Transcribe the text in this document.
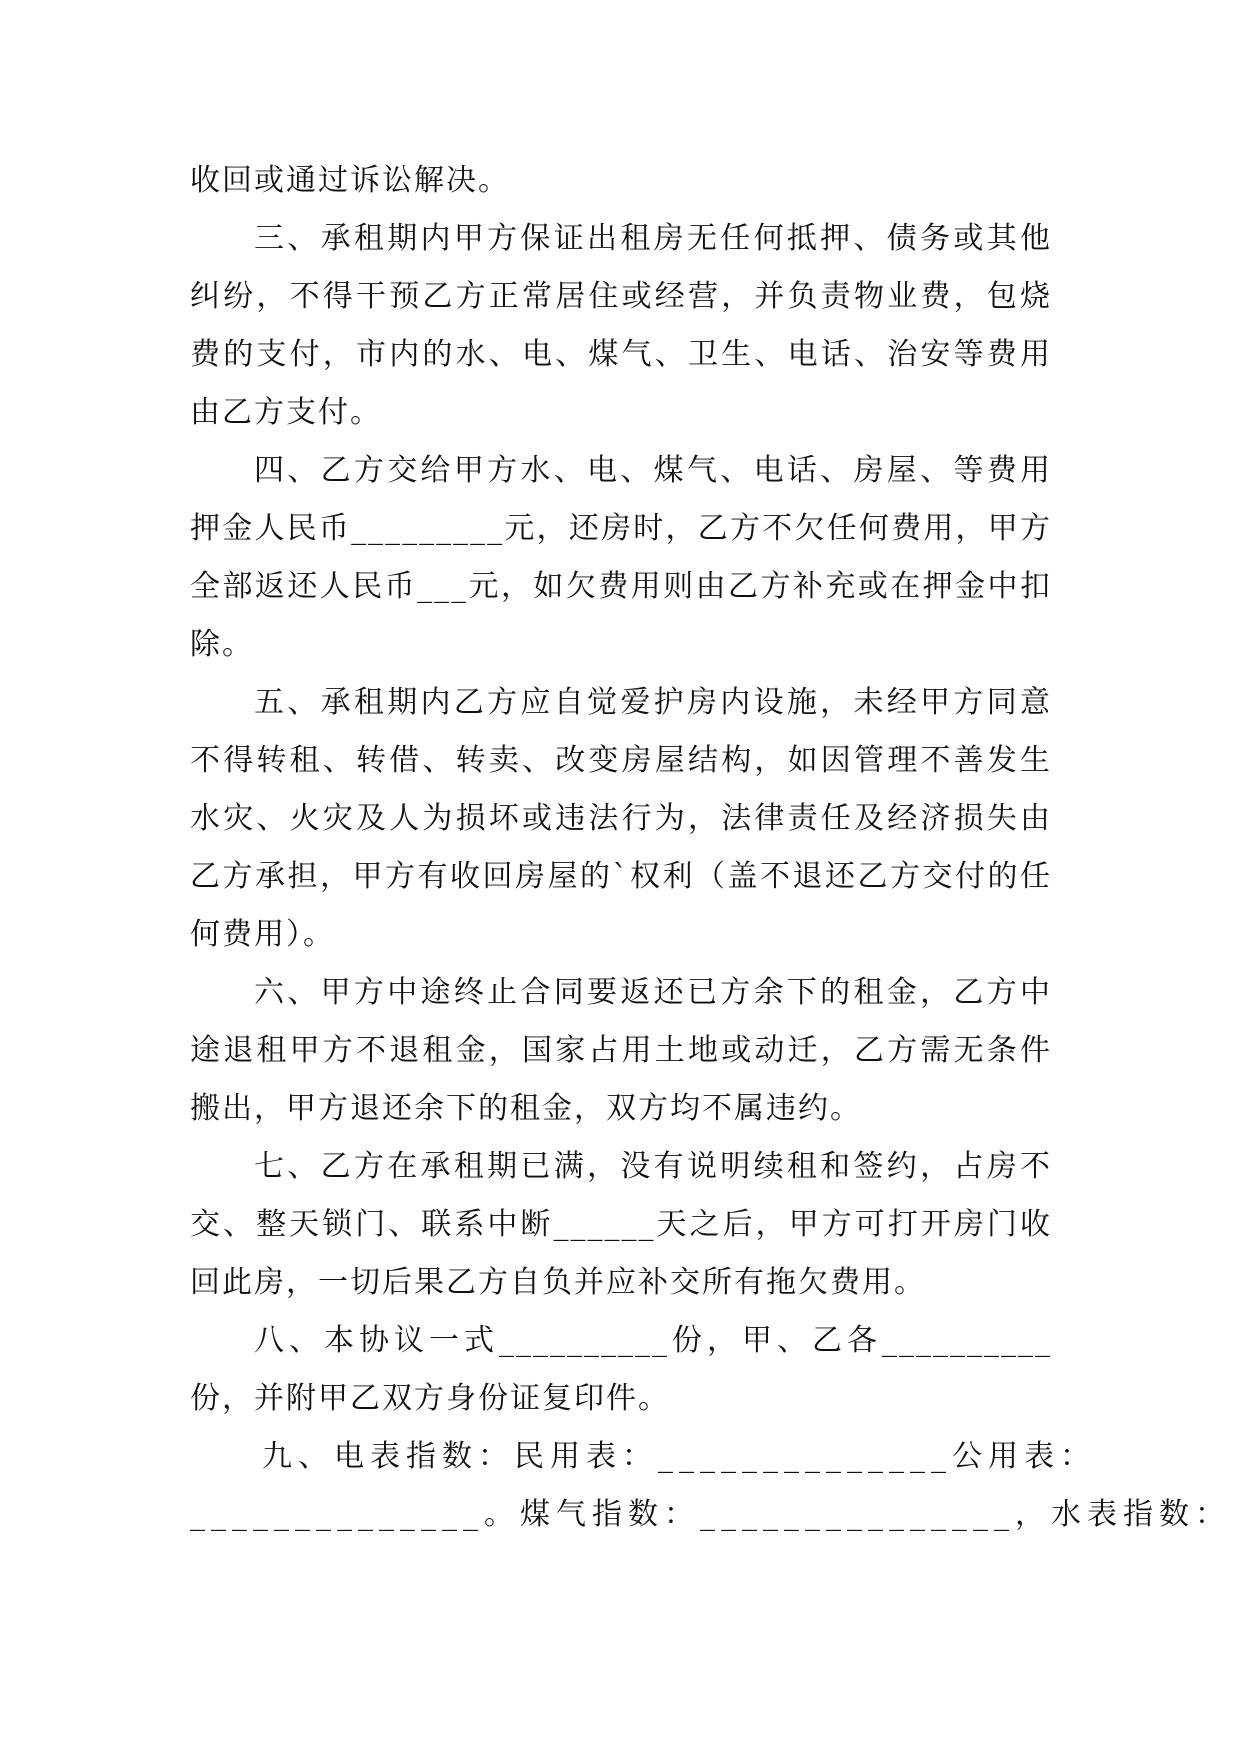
收回或通过诉讼解决。

三、承租期内甲方保证出租房无任何抵押、债务或其他纠纷，不得干预乙方正常居住或经营，并负责物业费，包烧费的支付，市内的水、电、煤气、卫生、电话、治安等费用由乙方支付。

四、乙方交给甲方水、电、煤气、电话、房屋、等费用押金人民币_________元，还房时，乙方不欠任何费用，甲方全部返还人民币___元，如欠费用则由乙方补充或在押金中扣除。

五、承租期内乙方应自觉爱护房内设施，未经甲方同意不得转租、转借、转卖、改变房屋结构，如因管理不善发生水灾、火灾及人为损坏或违法行为，法律责任及经济损失由乙方承担，甲方有收回房屋的`权利（盖不退还乙方交付的任何费用）。

六、甲方中途终止合同要返还已方余下的租金，乙方中途退租甲方不退租金，国家占用土地或动迁，乙方需无条件搬出，甲方退还余下的租金，双方均不属违约。

七、乙方在承租期已满，没有说明续租和签约，占房不交、整天锁门、联系中断______天之后，甲方可打开房门收回此房，一切后果乙方自负并应补交所有拖欠费用。

八、本协议一式__________份，甲、乙各__________份，并附甲乙双方身份证复印件。

九、电表指数：民用表：______________公用表：
______________。煤气指数：_______________，水表指数：
